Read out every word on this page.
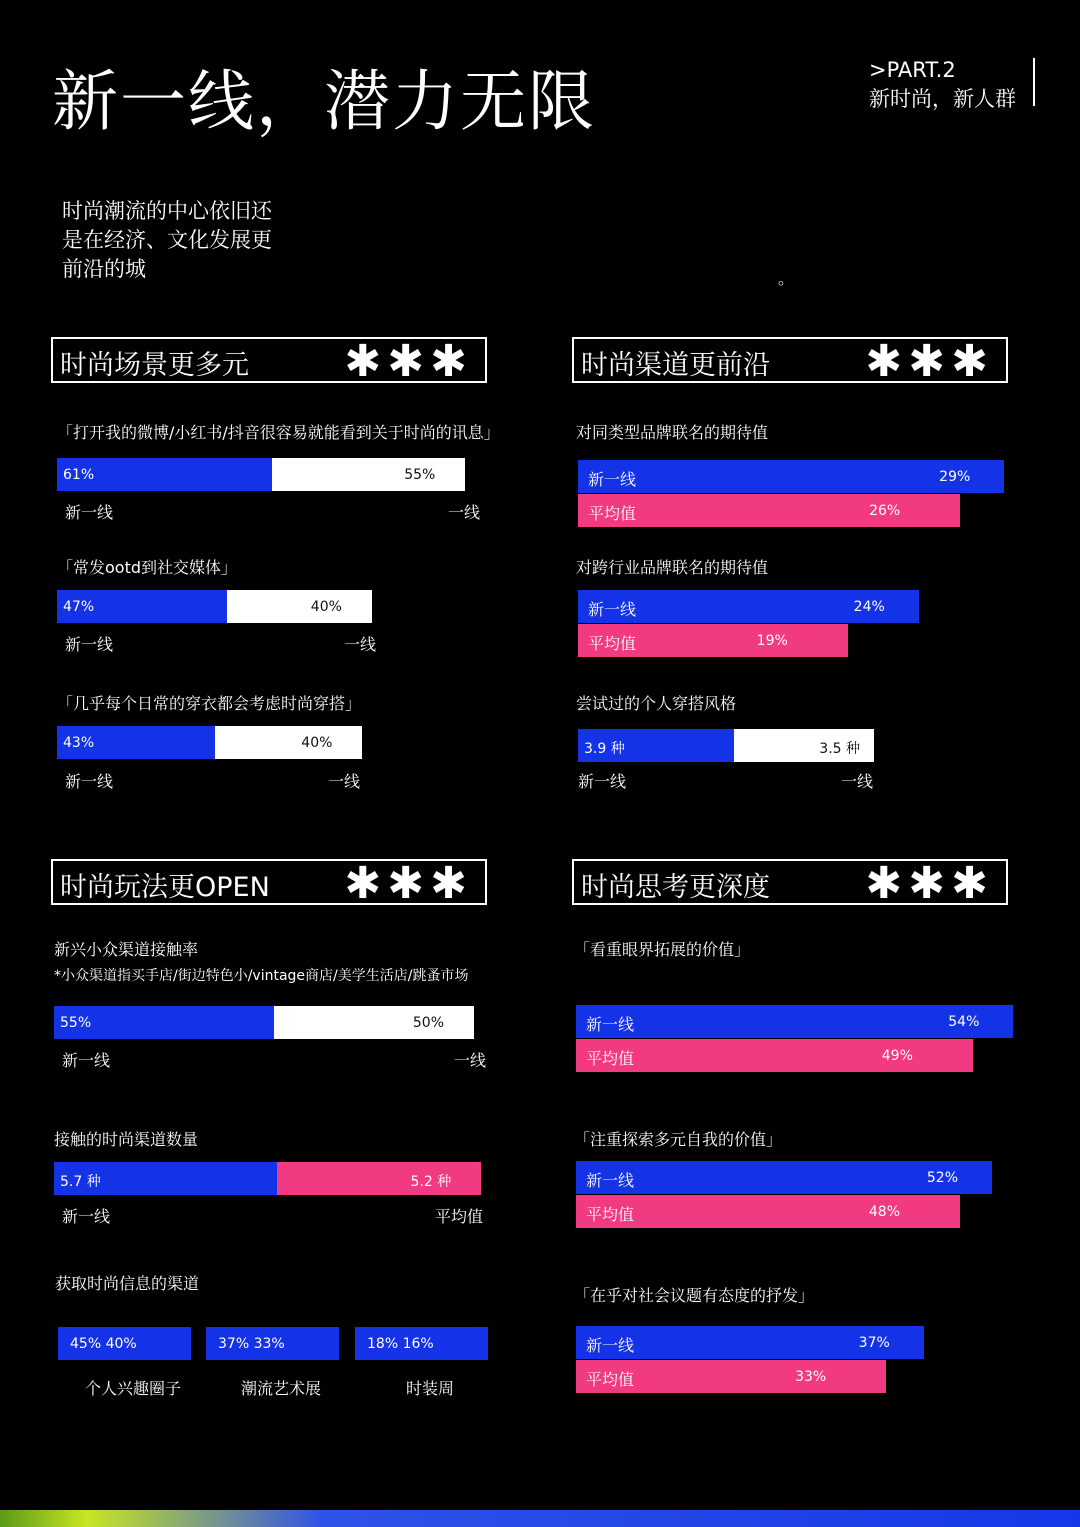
新一线，潜力无限	>PART.2
新时尚，新人群
时尚潮流的中心依旧还是在经济、文化发展更前沿的城	。
时尚场景更多元 ✱✱✱	时尚渠道更前沿 ✱✱✱
时尚玩法更OPEN ✱✱✱	时尚思考更深度 ✱✱✱
「打开我的微博/小红书/抖音很容易就能看到关于时尚的讯息」
61%	55%
新一线	一线
「常发ootd到社交媒体」
47%	40%
新一线	一线
「几乎每个日常的穿衣都会考虑时尚穿搭」
43%	40%
新一线	一线
新兴小众渠道接触率
*小众渠道指买手店/街边特色小/vintage商店/美学生活店/跳蚤市场
55%	50%
新一线	一线
接触的时尚渠道数量
5.7 种	5.2 种
新一线	平均值
对同类型品牌联名的期待值
新一线	29%
平均值	26%
对跨行业品牌联名的期待值
新一线	24%
平均值	19%
「看重眼界拓展的价值」
新一线	54%
平均值	49%
「注重探索多元自我的价值」
新一线	52%
平均值	48%
「在乎对社会议题有态度的抒发」
新一线	37%
平均值	33%
尝试过的个人穿搭风格
3.9 种	3.5 种
新一线	一线
获取时尚信息的渠道
45% 40%
个人兴趣圈子
37% 33%
潮流艺术展
18% 16%
时装周
